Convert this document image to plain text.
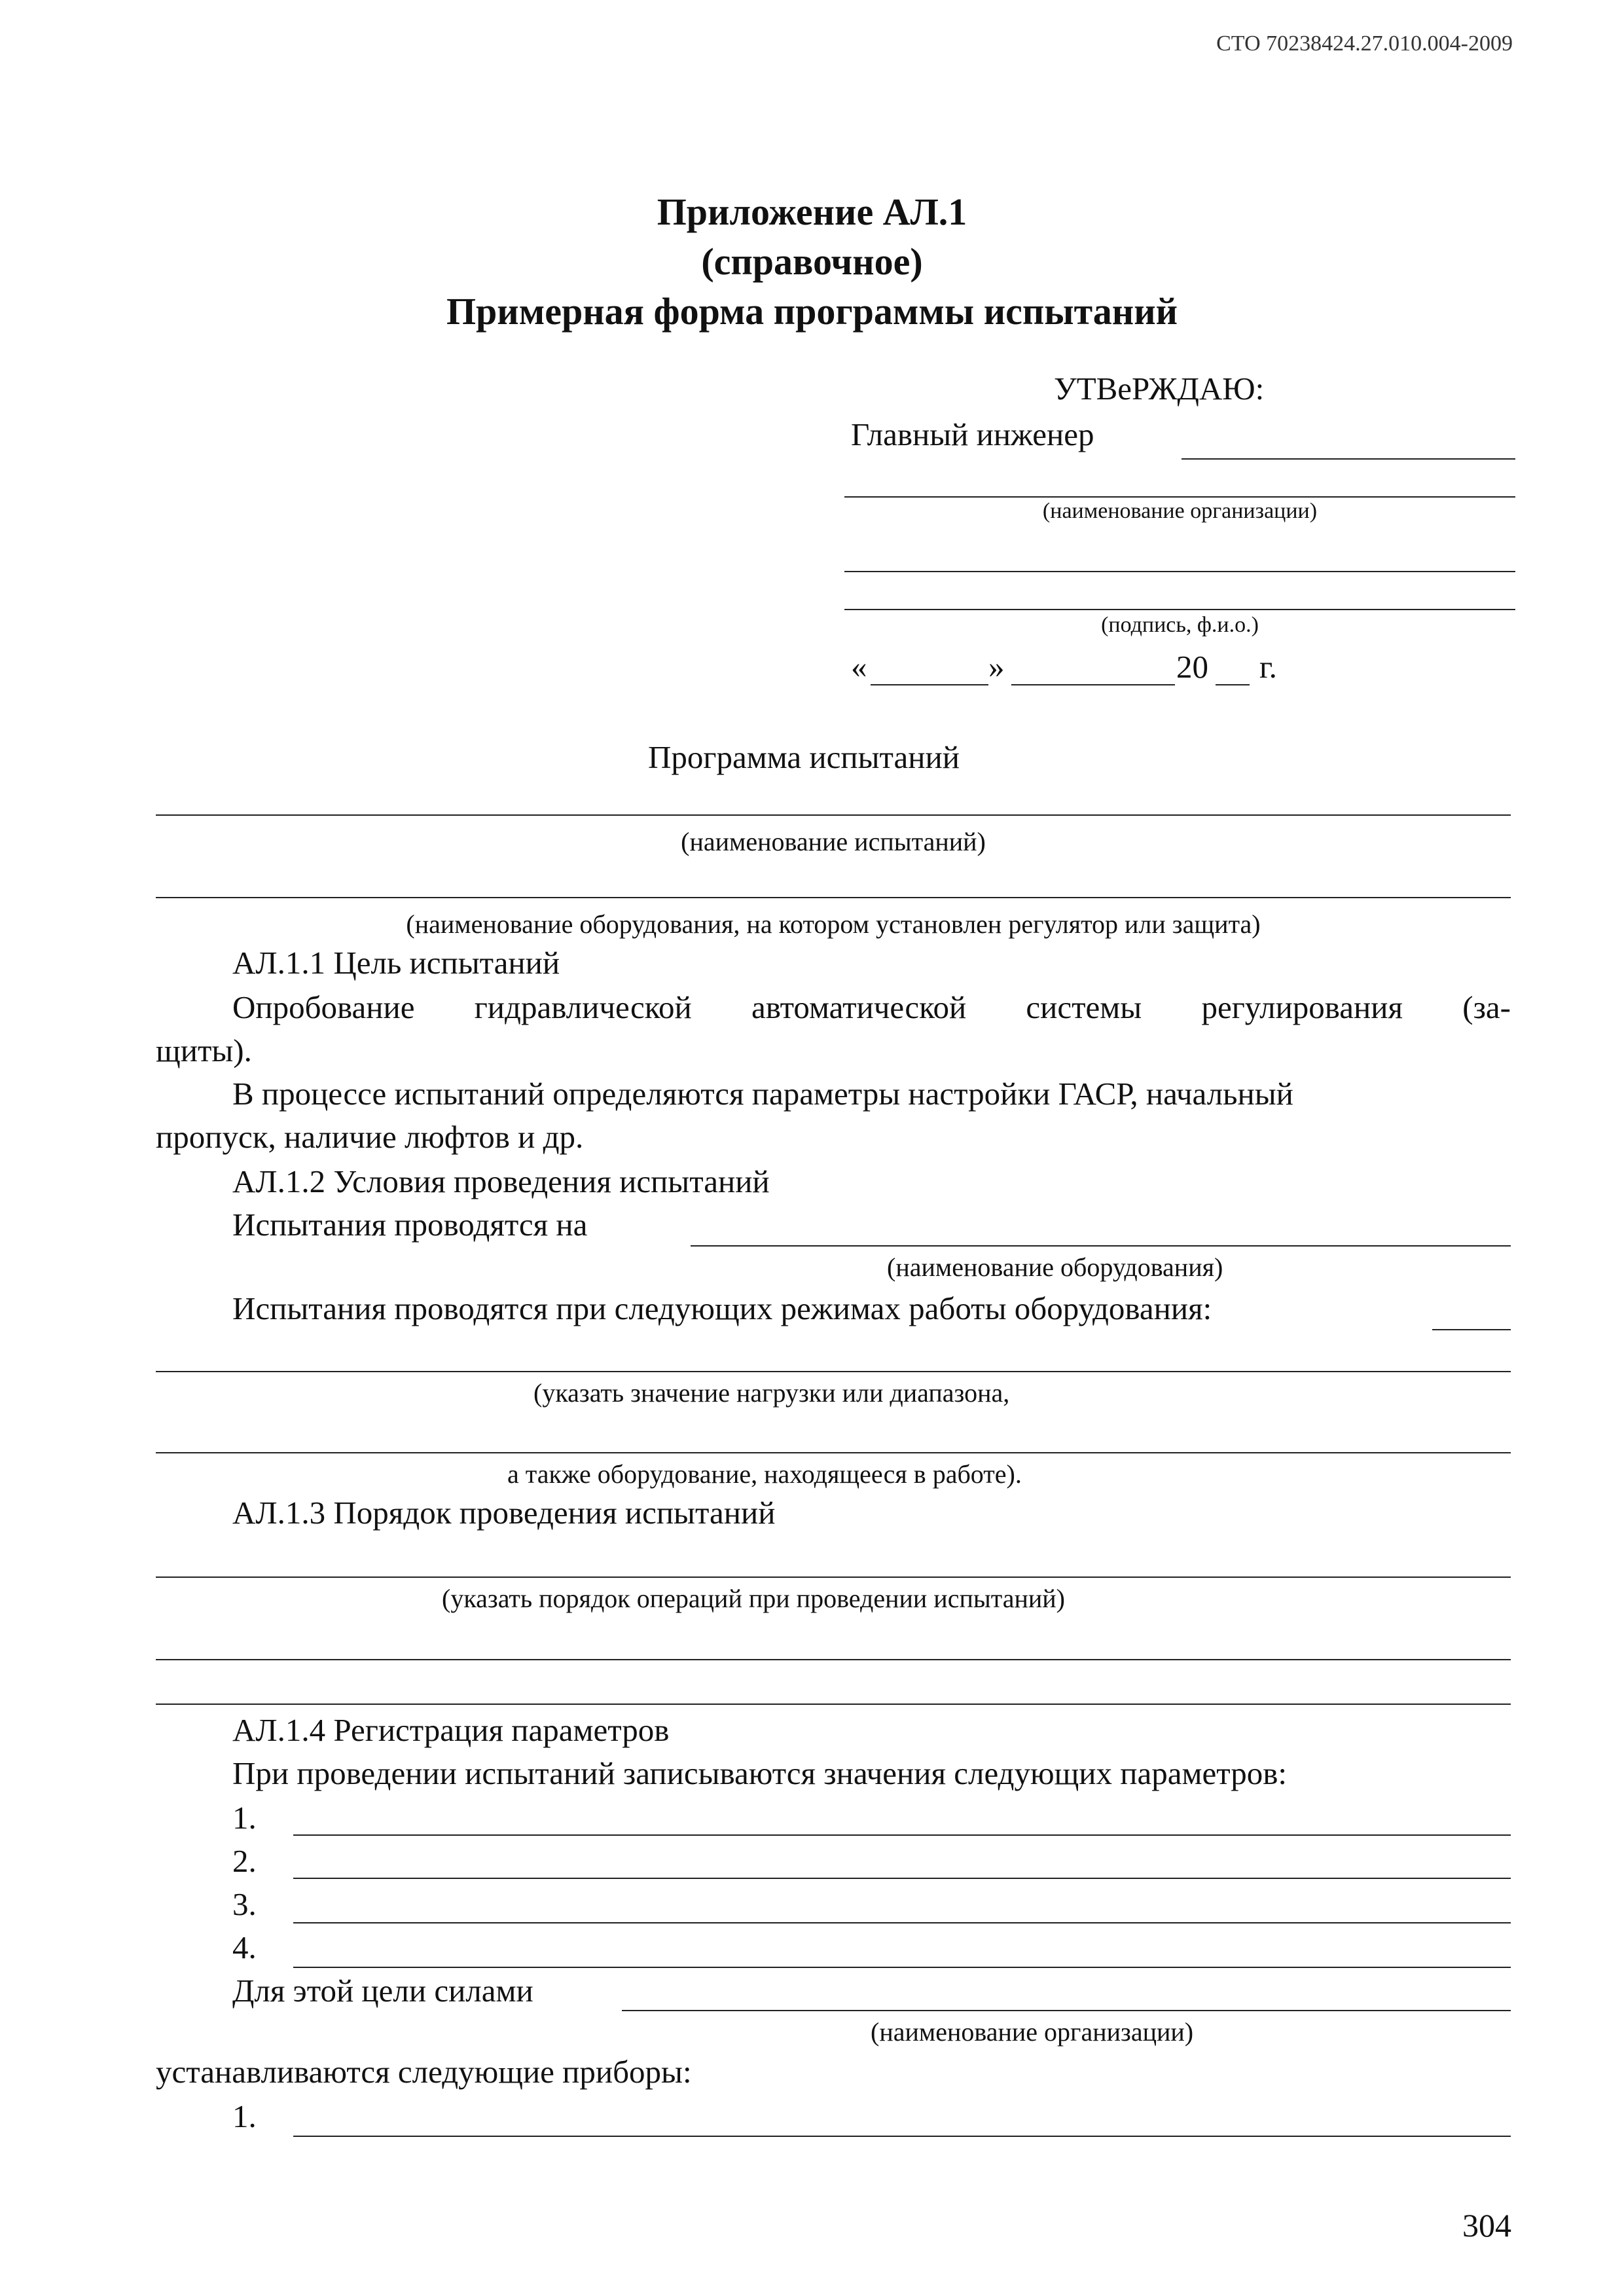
СТО 70238424.27.010.004-2009
Приложение АЛ.1
(справочное)
Примерная форма программы испытаний
УТВеРЖДАЮ:
Главный инженер
(наименование организации)
(подпись, ф.и.о.)
«	»	20 г.
Программа испытаний
(наименование испытаний)
(наименование оборудования, на котором установлен регулятор или защита)
АЛ.1.1 Цель испытаний
Опробование гидравлической автоматической системы регулирования (за-
щиты).
В процессе испытаний определяются параметры настройки ГАСР, начальный
пропуск, наличие люфтов и др.
АЛ.1.2 Условия проведения испытаний
Испытания проводятся на
(наименование оборудования)
Испытания проводятся при следующих режимах работы оборудования:
(указать значение нагрузки или диапазона,
а также оборудование, находящееся в работе).
АЛ.1.3 Порядок проведения испытаний
(указать порядок операций при проведении испытаний)
АЛ.1.4 Регистрация параметров
При проведении испытаний записываются значения следующих параметров:
1.
2.
3.
4.
Для этой цели силами
(наименование организации)
устанавливаются следующие приборы:
1.
304
